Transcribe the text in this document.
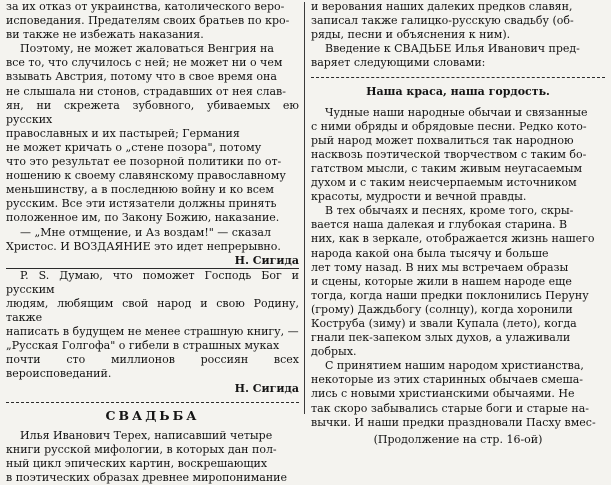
за их отказ от украинства, католического веро-

исповедания. Предателям своих братьев по кро-

ви также не избежать наказания.

Поэтому, не может жаловаться Венгрия на

все то, что случилось с ней; не может ни о чем

взывать Австрия, потому что в свое время она

не слышала ни стонов, страдавших от нея слав-

ян, ни скрежета зубовного, убиваемых ею русских

православных и их пастырей; Германия

не может кричать о „стене позора", потому

что это результат ее позорной политики по от-

ношению к своему славянскому православному

меньшинству, а в последнюю войну и ко всем

русским. Все эти истязатели должны принять

положенное им, по Закону Божию, наказание.

— „Мне отмщение, и Аз воздам!" — сказал

Христос. И ВОЗДАЯНИЕ это идет непрерывно.

Н. Сигида

P. S. Думаю, что поможет Господь Бог и русским

людям, любящим свой народ и свою Родину, также

написать в будущем не менее страшную книгу, —

„Русская Голгофа" о гибели в страшных муках

почти сто миллионов россиян всех вероисповеданий.

Н. Сигида

СВАДЬБА

Илья Иванович Терех, написавший четыре

книги русской мифологии, в которых дан пол-

ный цикл эпических картин, воскрешающих

в поэтических образах древнее миропонимание

и верования наших далеких предков славян,

записал также галицко-русскую свадьбу (об-

ряды, песни и объяснения к ним).

Введение к СВАДЬБЕ Илья Иванович пред-

варяет следующими словами:

Наша краса, наша гордость.

Чудные наши народные обычаи и связанные

с ними обряды и обрядовые песни. Редко кото-

рый народ может похвалиться так народною

насквозь поэтической творчеством с таким бо-

гатством мысли, с таким живым неугасаемым

духом и с таким неисчерпаемым источником

красоты, мудрости и вечной правды.

В тех обычаях и песнях, кроме того, скры-

вается наша далекая и глубокая старина. В

них, как в зеркале, отображается жизнь нашего

народа какой она была тысячу и больше

лет тому назад. В них мы встречаем образы

и сцены, которые жили в нашем народе еще

тогда, когда наши предки поклонились Перуну

(грому) Даждьбогу (солнцу), когда хоронили

Кострубa (зиму) и звали Купала (лето), когда

гнали пек-запеком злых духов, а улаживали

добрых.

С принятием нашим народом христианства,

некоторые из этих старинных обычаев смеша-

лись с новыми христианскими обычаями. Не

так скоро забывались старые боги и старые на-

вычки. И наши предки праздновали Пасху вмес-

(Продолжение на стр. 16-ой)
